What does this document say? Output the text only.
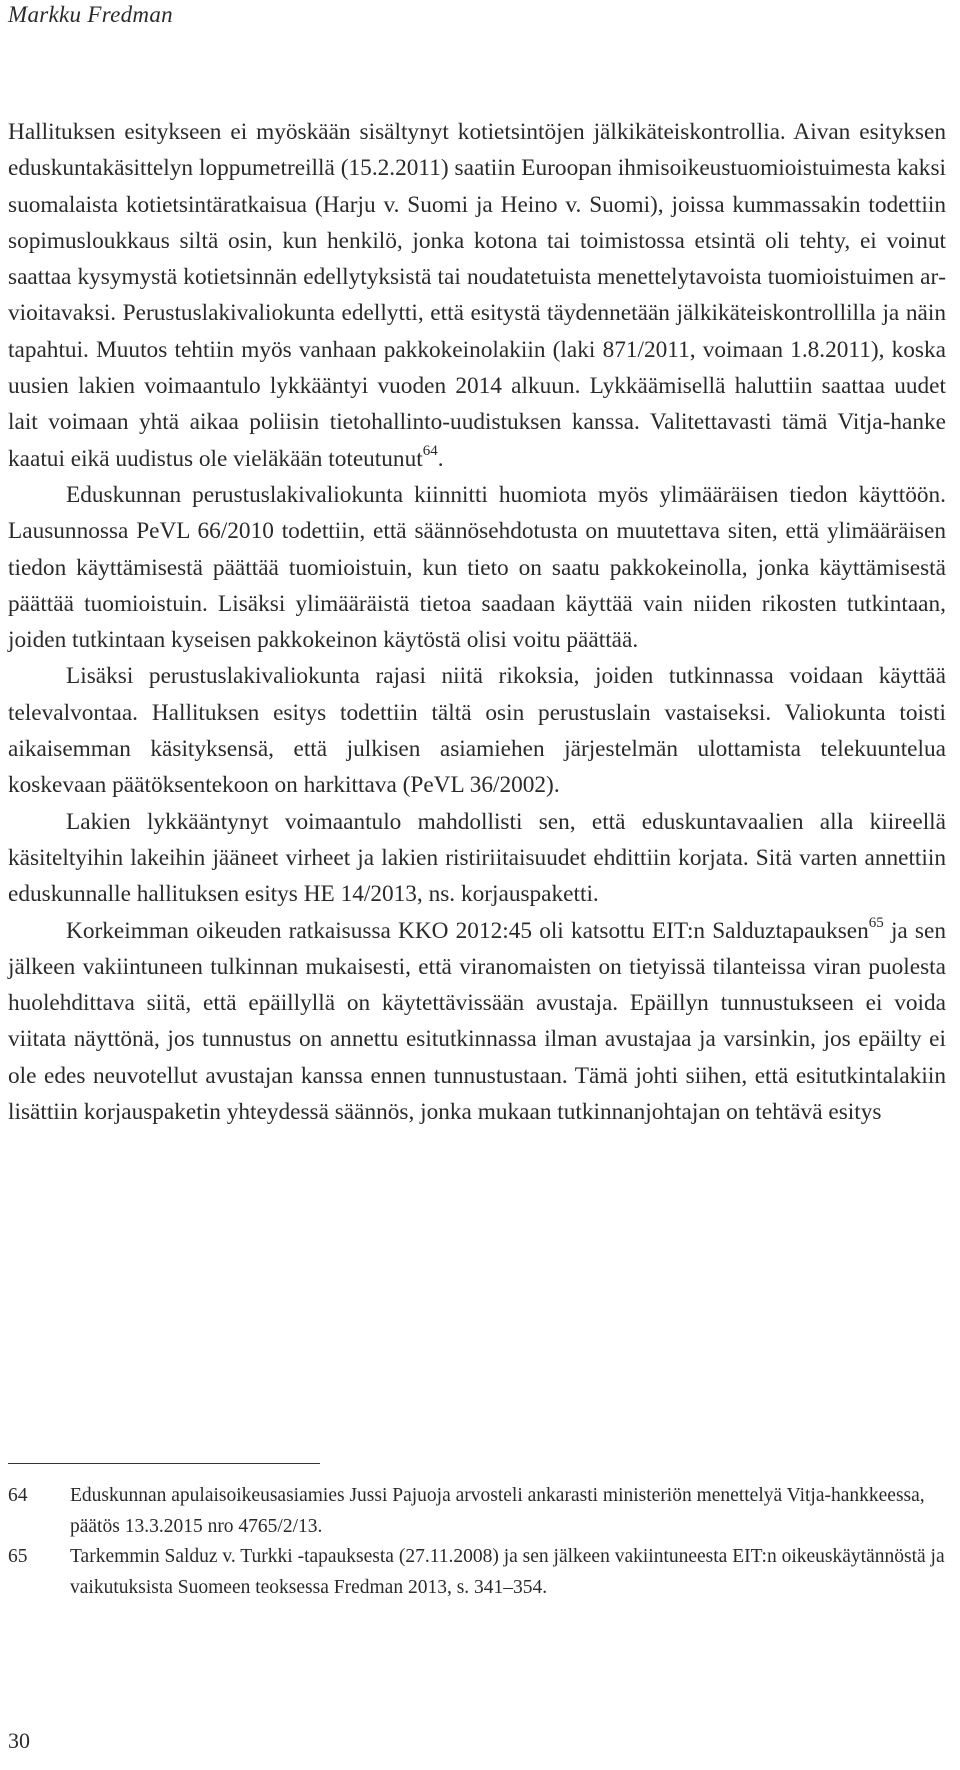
Markku Fredman

Hallituksen esitykseen ei myöskään sisältynyt kotietsintöjen jälkikäteiskontrollia. Aivan esityksen eduskuntakäsittelyn loppumetreillä (15.2.2011) saatiin Euroopan ihmisoikeustuomioistuimesta kaksi suomalaista kotietsintäratkaisua (Harju v. Suomi ja Heino v. Suomi), joissa kummassakin todettiin sopimusloukkaus siltä osin, kun henkilö, jonka kotona tai toimistossa etsintä oli tehty, ei voinut saattaa kysymystä kotietsinnän edellytyksistä tai noudatetuista menettelytavoista tuomioistuimen arvioitavaksi. Perustuslakivaliokunta edellytti, että esitystä täydennetään jälkikäteiskontrollilla ja näin tapahtui. Muutos tehtiin myös vanhaan pakkokeinolakiin (laki 871/2011, voimaan 1.8.2011), koska uusien lakien voimaantulo lykkääntyi vuoden 2014 alkuun. Lykkäämisellä haluttiin saattaa uudet lait voimaan yhtä aikaa poliisin tietohallinto-uudistuksen kanssa. Valitettavasti tämä Vitja-hanke kaatui eikä uudistus ole vieläkään toteutunut$^{64}$.

Eduskunnan perustuslakivaliokunta kiinnitti huomiota myös ylimääräisen tiedon käyttöön. Lausunnossa PeVL 66/2010 todettiin, että säännösehdotusta on muutettava siten, että ylimääräisen tiedon käyttämisestä päättää tuomioistuin, kun tieto on saatu pakkokeinolla, jonka käyttämisestä päättää tuomioistuin. Lisäksi ylimääräistä tietoa saadaan käyttää vain niiden rikosten tutkintaan, joiden tutkintaan kyseisen pakkokeinon käytöstä olisi voitu päättää.

Lisäksi perustuslakivaliokunta rajasi niitä rikoksia, joiden tutkinnassa voidaan käyttää televalvontaa. Hallituksen esitys todettiin tältä osin perustuslain vastaiseksi. Valiokunta toisti aikaisemman käsityksensä, että julkisen asiamiehen järjestelmän ulottamista telekuuntelua koskevaan päätöksentekoon on harkittava (PeVL 36/2002).

Lakien lykkääntynyt voimaantulo mahdollisti sen, että eduskuntavaalien alla kiireellä käsiteltyihin lakeihin jääneet virheet ja lakien ristiriitaisuudet ehdittiin korjata. Sitä varten annettiin eduskunnalle hallituksen esitys HE 14/2013, ns. korjauspaketti.

Korkeimman oikeuden ratkaisussa KKO 2012:45 oli katsottu EIT:n Salduztapauksen$^{65}$ ja sen jälkeen vakiintuneen tulkinnan mukaisesti, että viranomaisten on tietyissä tilanteissa viran puolesta huolehdittava siitä, että epäillyllä on käytettävissään avustaja. Epäillyn tunnustukseen ei voida viitata näyttönä, jos tunnustus on annettu esitutkinnassa ilman avustajaa ja varsinkin, jos epäilty ei ole edes neuvotellut avustajan kanssa ennen tunnustustaan. Tämä johti siihen, että esitutkintalakiin lisättiin korjauspaketin yhteydessä säännös, jonka mukaan tutkinnanjohtajan on tehtävä esitys

64	Eduskunnan apulaisoikeusasiamies Jussi Pajuoja arvosteli ankarasti ministeriön menettelyä Vitja-hankkeessa, päätös 13.3.2015 nro 4765/2/13.
65	Tarkemmin Salduz v. Turkki -tapauksesta (27.11.2008) ja sen jälkeen vakiintuneesta EIT:n oikeuskäytännöstä ja vaikutuksista Suomeen teoksessa Fredman 2013, s. 341–354.
30
